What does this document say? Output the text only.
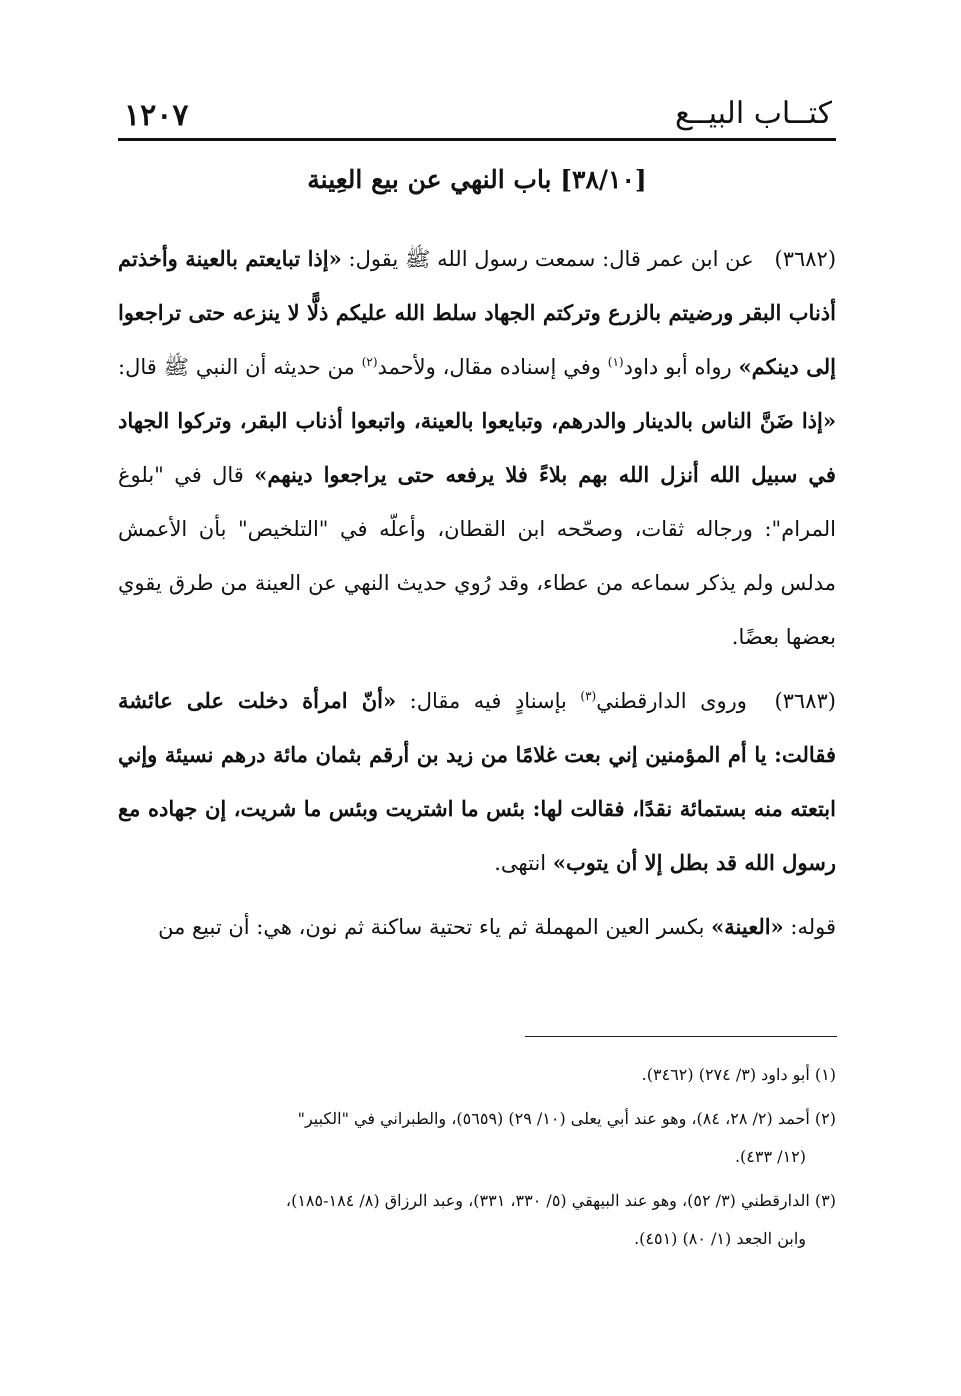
كتــاب البيــع
١٢٠٧
[٣٨/١٠] باب النهي عن بيع العِينة

(٣٦٨٢) عن ابن عمر قال: سمعت رسول الله ﷺ يقول: «إذا تبايعتم بالعينة وأخذتم أذناب البقر ورضيتم بالزرع وتركتم الجهاد سلط الله عليكم ذلًّا لا ينزعه حتى تراجعوا إلى دينكم» رواه أبو داود$^{(١)}$ وفي إسناده مقال، ولأحمد$^{(٢)}$ من حديثه أن النبي ﷺ قال: «إذا ضَنَّ الناس بالدينار والدرهم، وتبايعوا بالعينة، واتبعوا أذناب البقر، وتركوا الجهاد في سبيل الله أنزل الله بهم بلاءً فلا يرفعه حتى يراجعوا دينهم» قال في "بلوغ المرام": ورجاله ثقات، وصحّحه ابن القطان، وأعلّه في "التلخيص" بأن الأعمش مدلس ولم يذكر سماعه من عطاء، وقد رُوي حديث النهي عن العينة من طرق يقوي بعضها بعضًا.

(٣٦٨٣) وروى الدارقطني$^{(٣)}$ بإسنادٍ فيه مقال: «أنّ امرأة دخلت على عائشة فقالت: يا أم المؤمنين إني بعت غلامًا من زيد بن أرقم بثمان مائة درهم نسيئة وإني ابتعته منه بستمائة نقدًا، فقالت لها: بئس ما اشتريت وبئس ما شريت، إن جهاده مع رسول الله قد بطل إلا أن يتوب» انتهى.

قوله: «العينة» بكسر العين المهملة ثم ياء تحتية ساكنة ثم نون، هي: أن تبيع من

(١) أبو داود (٣/ ٢٧٤) (٣٤٦٢).

(٢) أحمد (٢/ ٢٨، ٨٤)، وهو عند أبي يعلى (١٠/ ٢٩) (٥٦٥٩)، والطبراني في "الكبير"
(١٢/ ٤٣٣).

(٣) الدارقطني (٣/ ٥٢)، وهو عند البيهقي (٥/ ٣٣٠، ٣٣١)، وعبد الرزاق (٨/ ١٨٤-١٨٥)،
وابن الجعد (١/ ٨٠) (٤٥١).
